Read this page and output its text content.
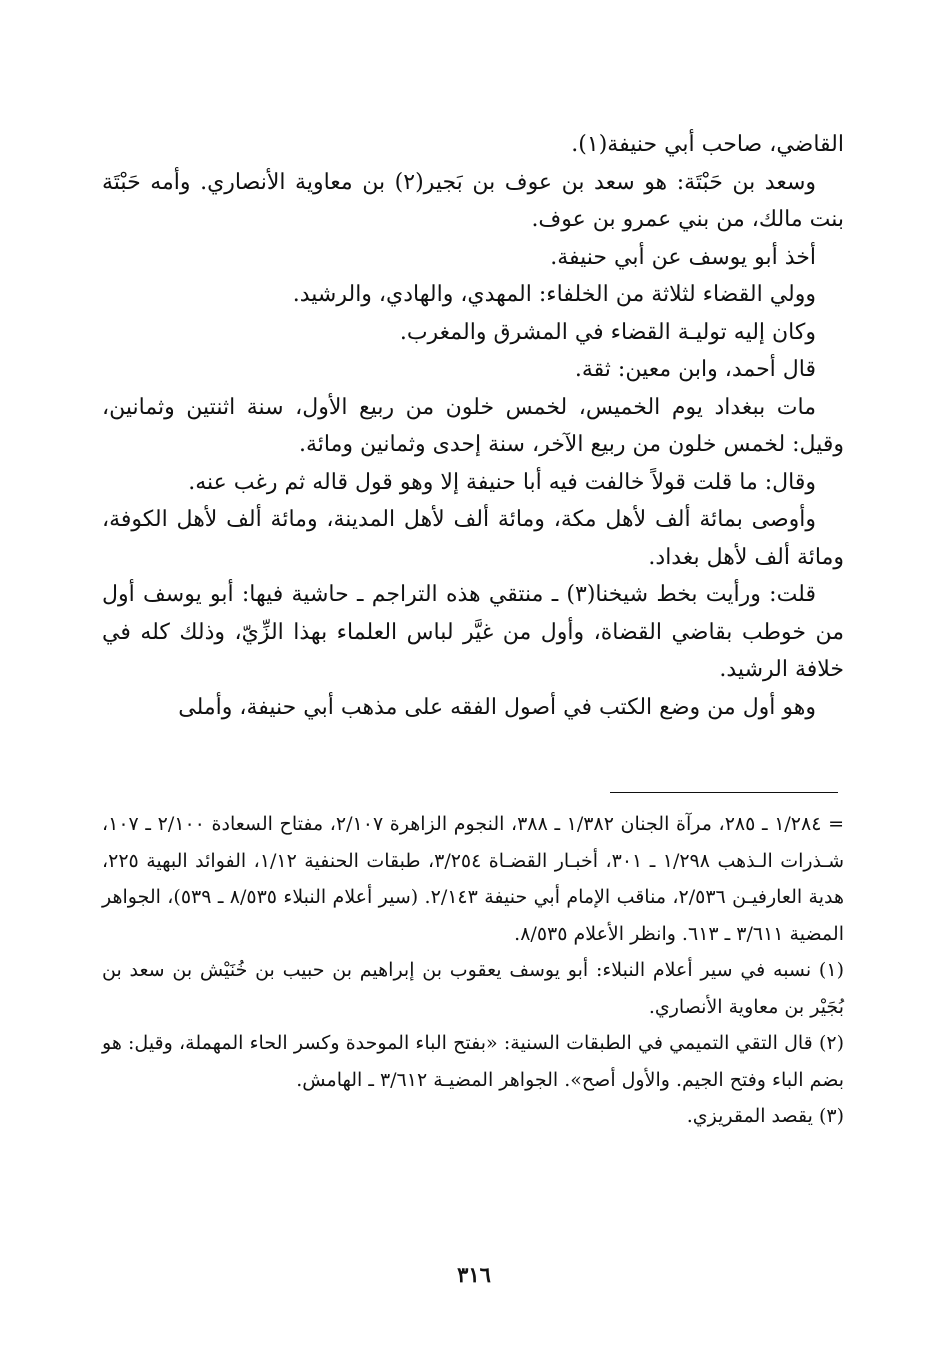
القاضي، صاحب أبي حنيفة(١).

وسعد بن حَبْتَة: هو سعد بن عوف بن بَجير(٢) بن معاوية الأنصاري. وأمه حَبْتَة بنت مالك، من بني عمرو بن عوف.

أخذ أبو يوسف عن أبي حنيفة.

وولي القضاء لثلاثة من الخلفاء: المهدي، والهادي، والرشيد.

وكان إليه توليـة القضاء في المشرق والمغرب.

قال أحمد، وابن معين: ثقة.

مات ببغداد يوم الخميس، لخمس خلون من ربيع الأول، سنة اثنتين وثمانين، وقيل: لخمس خلون من ربيع الآخر، سنة إحدى وثمانين ومائة.

وقال: ما قلت قولاً خالفت فيه أبا حنيفة إلا وهو قول قاله ثم رغب عنه.

وأوصى بمائة ألف لأهل مكة، ومائة ألف لأهل المدينة، ومائة ألف لأهل الكوفة، ومائة ألف لأهل بغداد.

قلت: ورأيت بخط شيخنا(٣) ـ منتقي هذه التراجم ـ حاشية فيها: أبو يوسف أول من خوطب بقاضي القضاة، وأول من غيَّر لباس العلماء بهذا الزِّيّ، وذلك كله في خلافة الرشيد.

وهو أول من وضع الكتب في أصول الفقه على مذهب أبي حنيفة، وأملى

= ١/٢٨٤ ـ ٢٨٥، مرآة الجنان ١/٣٨٢ ـ ٣٨٨، النجوم الزاهرة ٢/١٠٧، مفتاح السعادة ٢/١٠٠ ـ ١٠٧، شـذرات الـذهب ١/٢٩٨ ـ ٣٠١، أخبـار القضـاة ٣/٢٥٤، طبقات الحنفية ١/١٢، الفوائد البهية ٢٢٥، هدية العارفيـن ٢/٥٣٦، مناقب الإمام أبي حنيفة ٢/١٤٣. (سير أعلام النبلاء ٨/٥٣٥ ـ ٥٣٩)، الجواهر المضية ٣/٦١١ ـ ٦١٣. وانظر الأعلام ٨/٥٣٥.

(١) نسبه في سير أعلام النبلاء: أبو يوسف يعقوب بن إبراهيم بن حبيب بن خُنَيْش بن سعد بن بُجَيْر بن معاوية الأنصاري.

(٢) قال التقي التميمي في الطبقات السنية: «بفتح الباء الموحدة وكسر الحاء المهملة، وقيل: هو بضم الباء وفتح الجيم. والأول أصح». الجواهر المضيـة ٣/٦١٢ ـ الهامش.

(٣) يقصد المقريزي.

٣١٦
